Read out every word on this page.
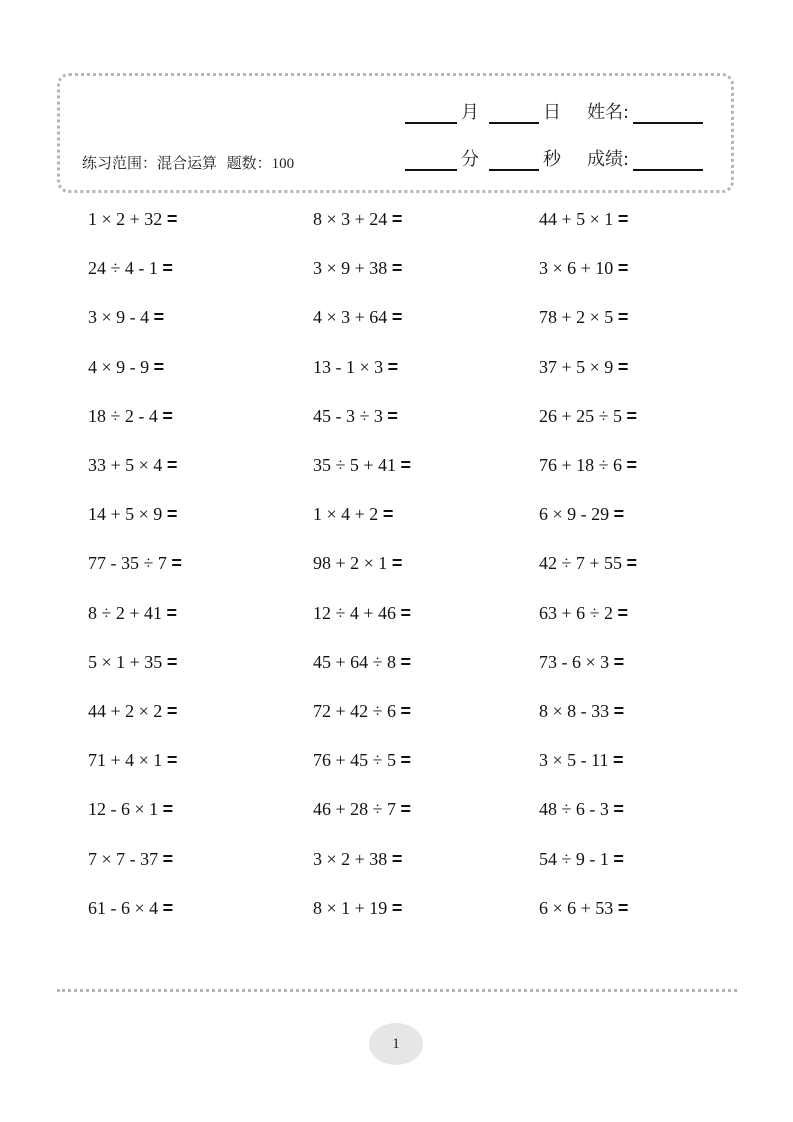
月	日 姓名:
分	秒 成绩:
练习范围：混合运算 题数：100
1 × 2 + 32 =
24 ÷ 4 - 1 =
3 × 9 - 4 =
4 × 9 - 9 =
18 ÷ 2 - 4 =
33 + 5 × 4 =
14 + 5 × 9 =
77 - 35 ÷ 7 =
8 ÷ 2 + 41 =
5 × 1 + 35 =
44 + 2 × 2 =
71 + 4 × 1 =
12 - 6 × 1 =
7 × 7 - 37 =
61 - 6 × 4 =
8 × 3 + 24 =
3 × 9 + 38 =
4 × 3 + 64 =
13 - 1 × 3 =
45 - 3 ÷ 3 =
35 ÷ 5 + 41 =
1 × 4 + 2 =
98 + 2 × 1 =
12 ÷ 4 + 46 =
45 + 64 ÷ 8 =
72 + 42 ÷ 6 =
76 + 45 ÷ 5 =
46 + 28 ÷ 7 =
3 × 2 + 38 =
8 × 1 + 19 =
44 + 5 × 1 =
3 × 6 + 10 =
78 + 2 × 5 =
37 + 5 × 9 =
26 + 25 ÷ 5 =
76 + 18 ÷ 6 =
6 × 9 - 29 =
42 ÷ 7 + 55 =
63 + 6 ÷ 2 =
73 - 6 × 3 =
8 × 8 - 33 =
3 × 5 - 11 =
48 ÷ 6 - 3 =
54 ÷ 9 - 1 =
6 × 6 + 53 =
1
